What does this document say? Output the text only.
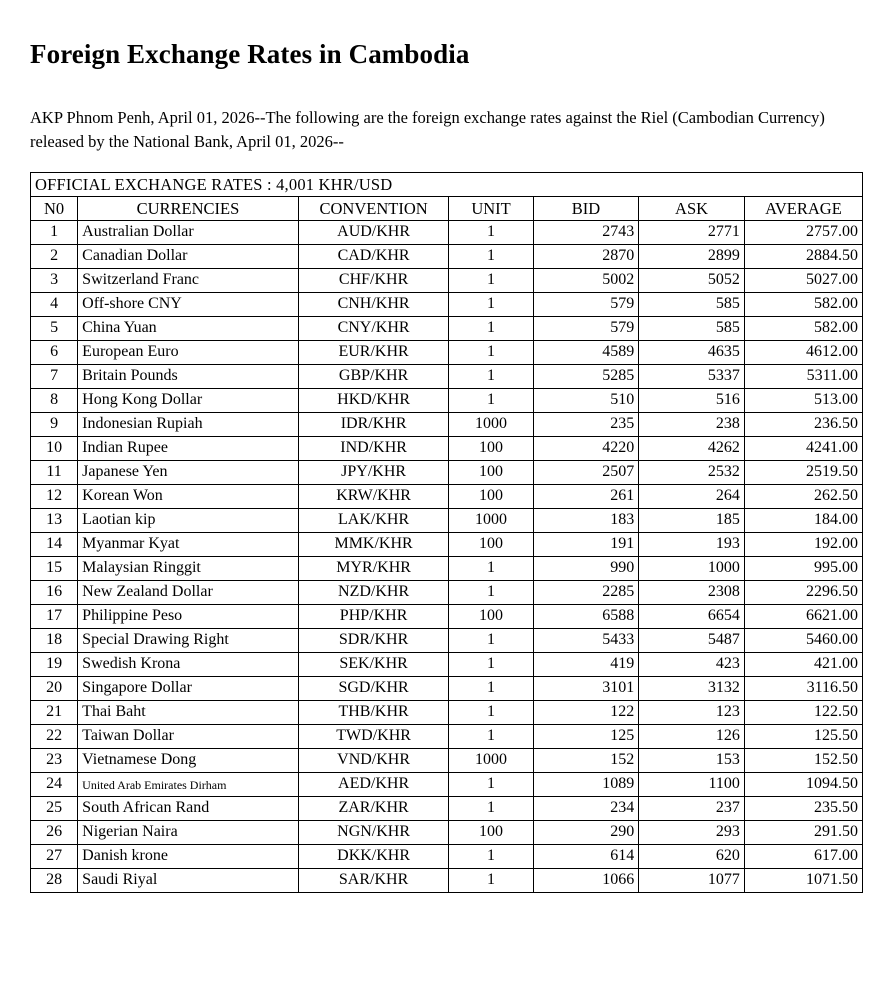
Foreign Exchange Rates in Cambodia

AKP Phnom Penh, April 01, 2026--The following are the foreign exchange rates against the Riel (Cambodian Currency) released by the National Bank, April 01, 2026--

OFFICIAL EXCHANGE RATES : 4,001 KHR/USD						
N0	CURRENCIES	CONVENTION	UNIT	BID	ASK	AVERAGE
1	Australian Dollar	AUD/KHR	1	2743	2771	2757.00
2	Canadian Dollar	CAD/KHR	1	2870	2899	2884.50
3	Switzerland Franc	CHF/KHR	1	5002	5052	5027.00
4	Off-shore CNY	CNH/KHR	1	579	585	582.00
5	China Yuan	CNY/KHR	1	579	585	582.00
6	European Euro	EUR/KHR	1	4589	4635	4612.00
7	Britain Pounds	GBP/KHR	1	5285	5337	5311.00
8	Hong Kong Dollar	HKD/KHR	1	510	516	513.00
9	Indonesian Rupiah	IDR/KHR	1000	235	238	236.50
10	Indian Rupee	IND/KHR	100	4220	4262	4241.00
11	Japanese Yen	JPY/KHR	100	2507	2532	2519.50
12	Korean Won	KRW/KHR	100	261	264	262.50
13	Laotian kip	LAK/KHR	1000	183	185	184.00
14	Myanmar Kyat	MMK/KHR	100	191	193	192.00
15	Malaysian Ringgit	MYR/KHR	1	990	1000	995.00
16	New Zealand Dollar	NZD/KHR	1	2285	2308	2296.50
17	Philippine Peso	PHP/KHR	100	6588	6654	6621.00
18	Special Drawing Right	SDR/KHR	1	5433	5487	5460.00
19	Swedish Krona	SEK/KHR	1	419	423	421.00
20	Singapore Dollar	SGD/KHR	1	3101	3132	3116.50
21	Thai Baht	THB/KHR	1	122	123	122.50
22	Taiwan Dollar	TWD/KHR	1	125	126	125.50
23	Vietnamese Dong	VND/KHR	1000	152	153	152.50
24	United Arab Emirates Dirham	AED/KHR	1	1089	1100	1094.50
25	South African Rand	ZAR/KHR	1	234	237	235.50
26	Nigerian Naira	NGN/KHR	100	290	293	291.50
27	Danish krone	DKK/KHR	1	614	620	617.00
28	Saudi Riyal	SAR/KHR	1	1066	1077	1071.50
